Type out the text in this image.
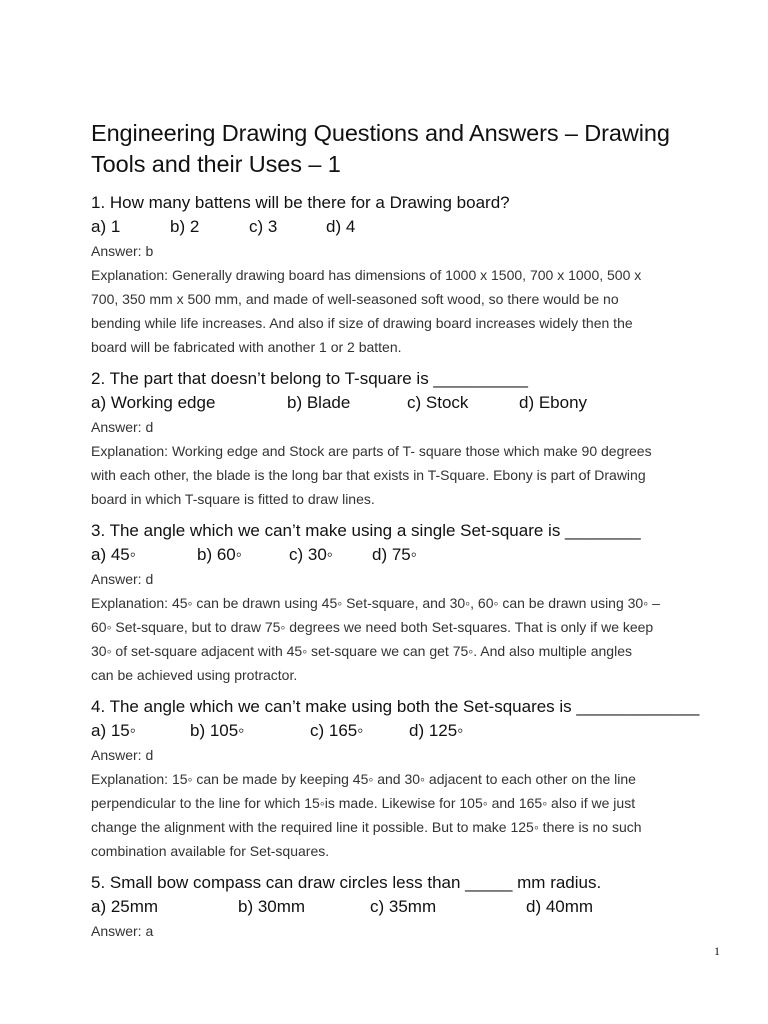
Engineering Drawing Questions and Answers – Drawing
Tools and their Uses – 1
1. How many battens will be there for a Drawing board?
a) 1	b) 2	c) 3	d) 4
Answer: b
Explanation: Generally drawing board has dimensions of 1000 x 1500, 700 x 1000, 500 x
700, 350 mm x 500 mm, and made of well-seasoned soft wood, so there would be no
bending while life increases. And also if size of drawing board increases widely then the
board will be fabricated with another 1 or 2 batten.
2. The part that doesn’t belong to T-square is __________
a) Working edge	b) Blade	c) Stock	d) Ebony
Answer: d
Explanation: Working edge and Stock are parts of T- square those which make 90 degrees
with each other, the blade is the long bar that exists in T-Square. Ebony is part of Drawing
board in which T-square is fitted to draw lines.
3. The angle which we can’t make using a single Set-square is ________
a) 45◦	b) 60◦	c) 30◦	d) 75◦
Answer: d
Explanation: 45◦ can be drawn using 45◦ Set-square, and 30◦, 60◦ can be drawn using 30◦ –
60◦ Set-square, but to draw 75◦ degrees we need both Set-squares. That is only if we keep
30◦ of set-square adjacent with 45◦ set-square we can get 75◦. And also multiple angles
can be achieved using protractor.
4. The angle which we can’t make using both the Set-squares is _____________
a) 15◦	b) 105◦	c) 165◦	d) 125◦
Answer: d
Explanation: 15◦ can be made by keeping 45◦ and 30◦ adjacent to each other on the line
perpendicular to the line for which 15◦is made. Likewise for 105◦ and 165◦ also if we just
change the alignment with the required line it possible. But to make 125◦ there is no such
combination available for Set-squares.
5. Small bow compass can draw circles less than _____ mm radius.
a) 25mm	b) 30mm	c) 35mm	d) 40mm
Answer: a
1
